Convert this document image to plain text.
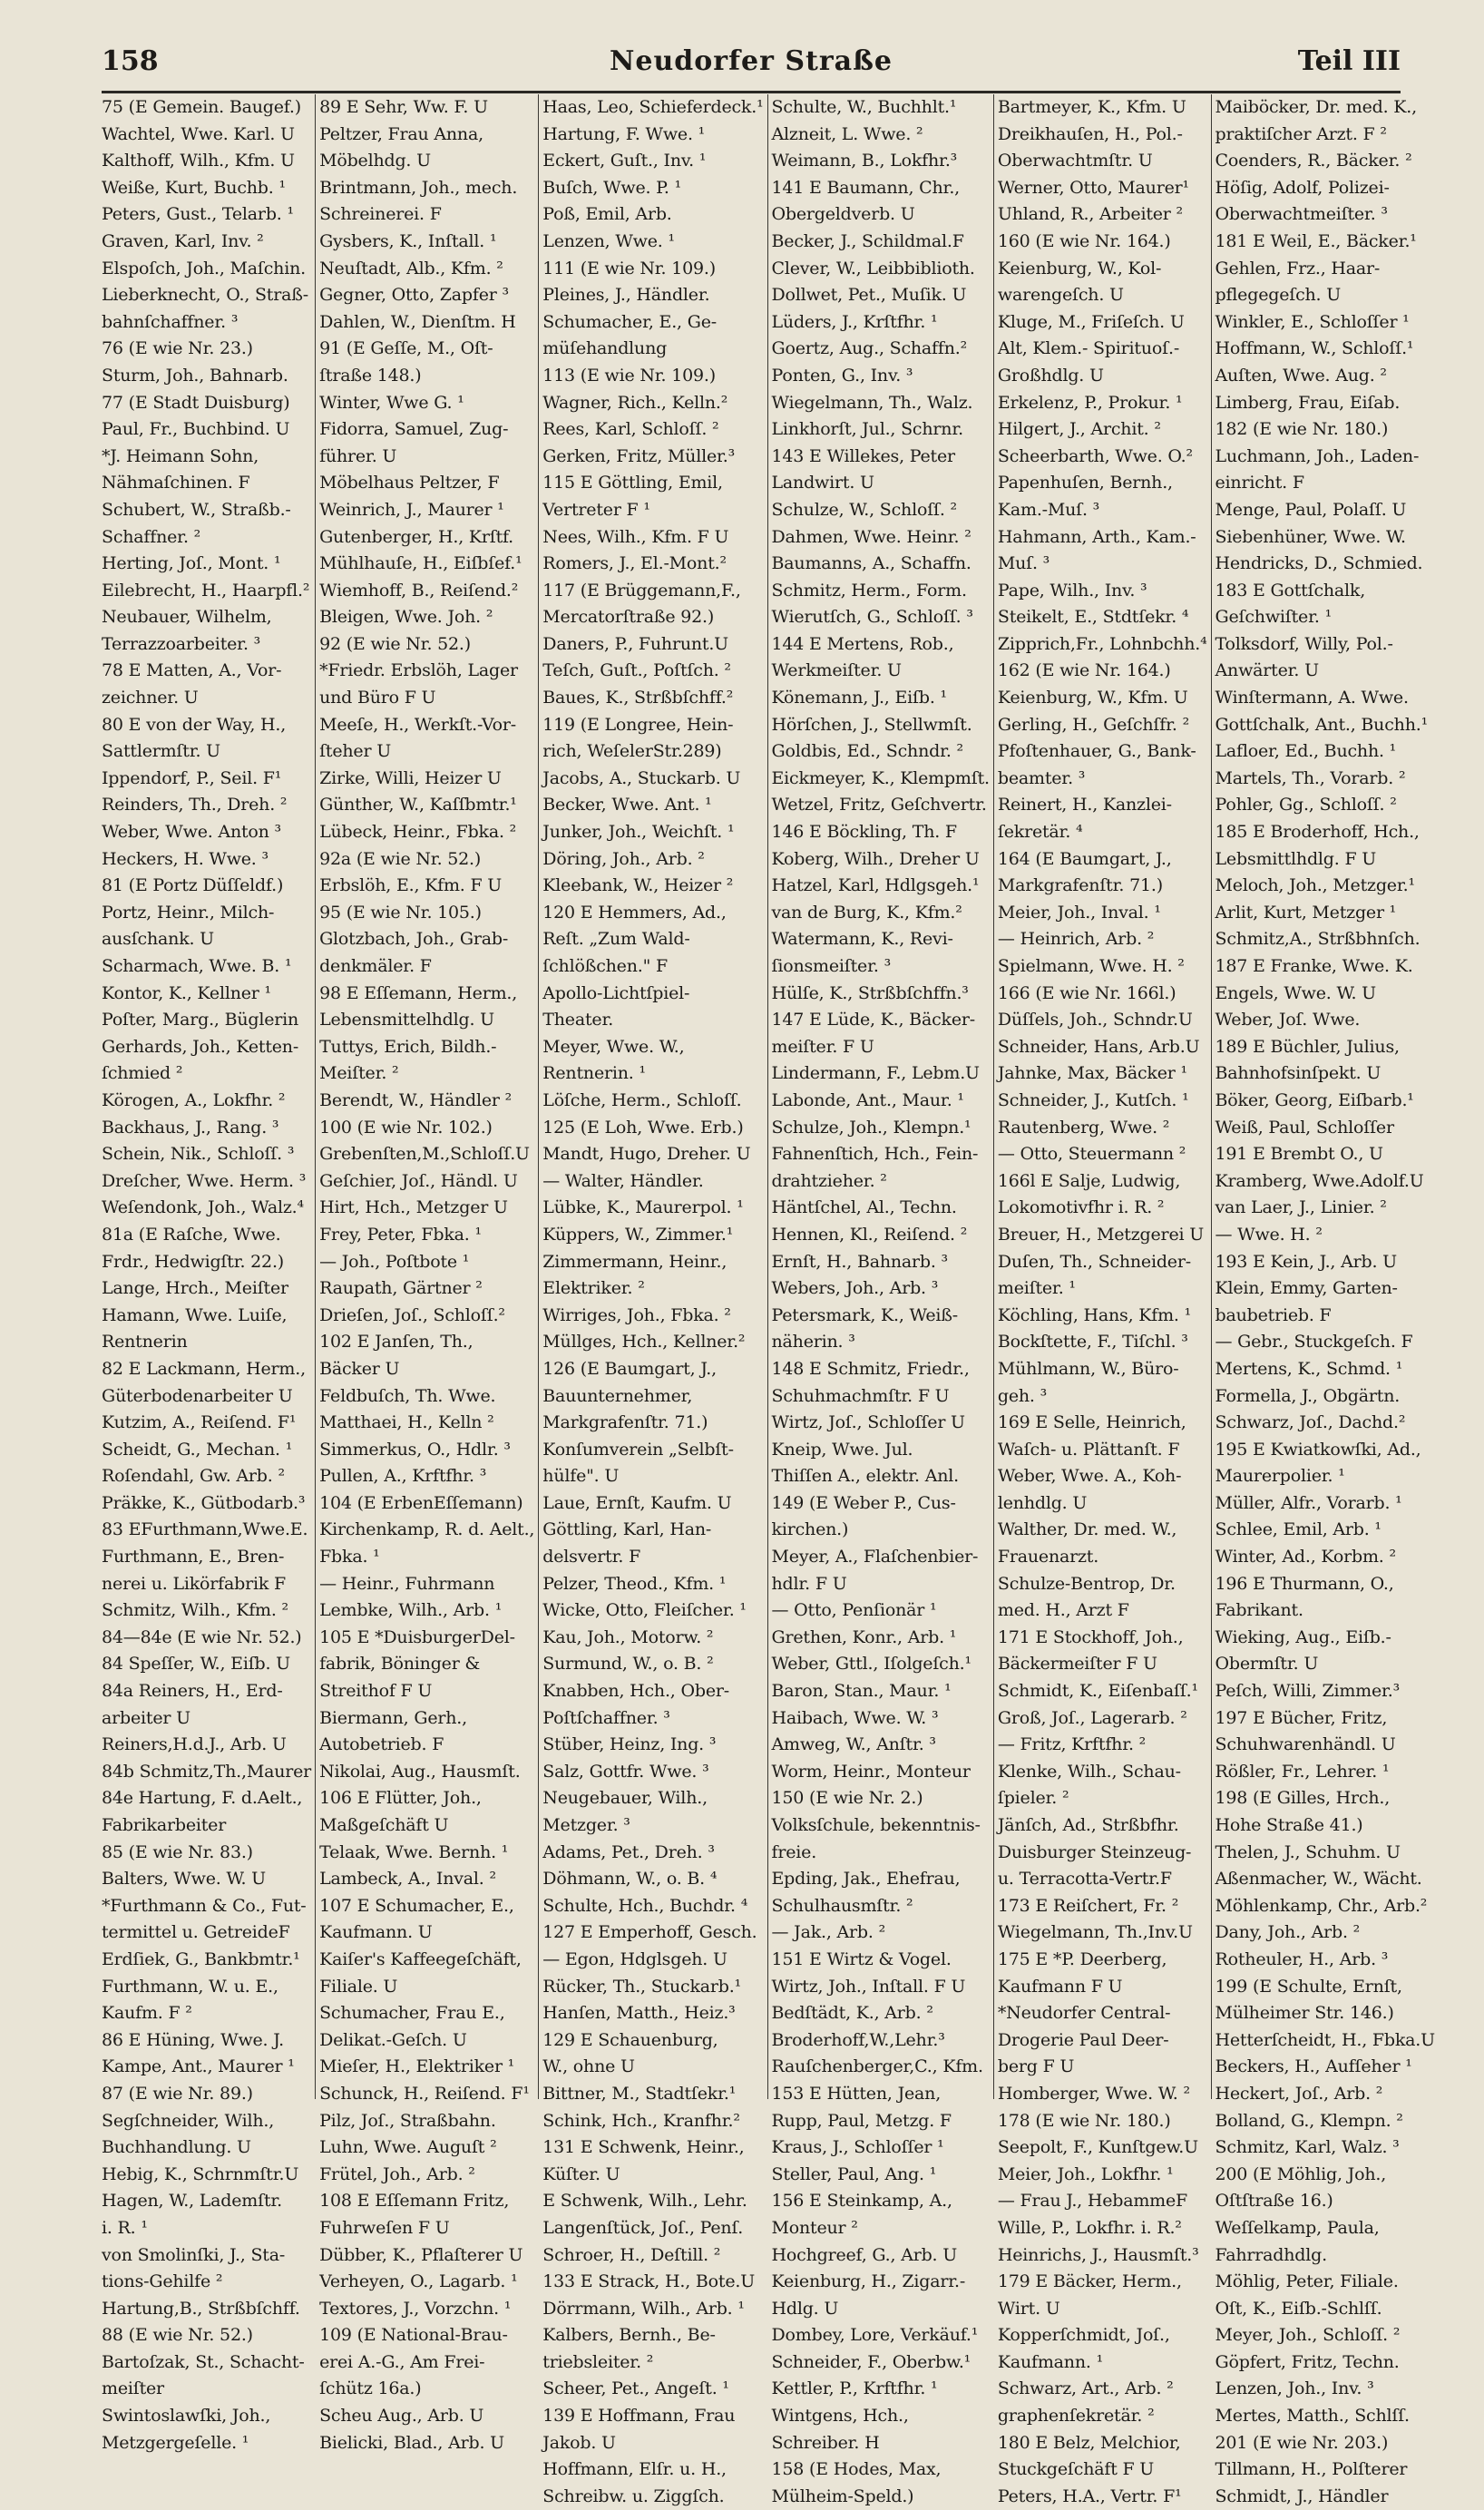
158	Neudorfer Straße	Teil III
75 (E Gemein. Baugef.)
Wachtel, Wwe. Karl. U
Kalthoff, Wilh., Kfm. U
Weiße, Kurt, Buchb. ¹
Peters, Gust., Telarb. ¹
Graven, Karl, Inv. ²
Elspoſch, Joh., Maſchin.
Lieberknecht, O., Straß-
bahnſchaffner. ³
76 (E wie Nr. 23.)
Sturm, Joh., Bahnarb.
77 (E Stadt Duisburg)
Paul, Fr., Buchbind. U
*J. Heimann Sohn,
Nähmaſchinen. F
Schubert, W., Straßb.-
Schaffner. ²
Herting, Joſ., Mont. ¹
Eilebrecht, H., Haarpfl.²
Neubauer, Wilhelm,
Terrazzoarbeiter. ³
78 E Matten, A., Vor-
zeichner. U
80 E von der Way, H.,
Sattlermſtr. U
Ippendorf, P., Seil. F¹
Reinders, Th., Dreh. ²
Weber, Wwe. Anton ³
Heckers, H. Wwe. ³
81 (E Portz Düſſeldf.)
Portz, Heinr., Milch-
ausſchank. U
Scharmach, Wwe. B. ¹
Kontor, K., Kellner ¹
Poſter, Marg., Büglerin
Gerhards, Joh., Ketten-
ſchmied ²
Körogen, A., Lokfhr. ²
Backhaus, J., Rang. ³
Schein, Nik., Schloſſ. ³
Dreſcher, Wwe. Herm. ³
Weſendonk, Joh., Walz.⁴
81a (E Raſche, Wwe.
Frdr., Hedwigſtr. 22.)
Lange, Hrch., Meiſter
Hamann, Wwe. Luiſe,
Rentnerin
82 E Lackmann, Herm.,
Güterbodenarbeiter U
Kutzim, A., Reiſend. F¹
Scheidt, G., Mechan. ¹
Roſendahl, Gw. Arb. ²
Präkke, K., Gütbodarb.³
83 EFurthmann,Wwe.E.
Furthmann, E., Bren-
nerei u. Likörfabrik F
Schmitz, Wilh., Kfm. ²
84—84e (E wie Nr. 52.)
84 Speſſer, W., Eiſb. U
84a Reiners, H., Erd-
arbeiter U
Reiners,H.d.J., Arb. U
84b Schmitz,Th.,Maurer
84e Hartung, F. d.Aelt.,
Fabrikarbeiter
85 (E wie Nr. 83.)
Balters, Wwe. W. U
*Furthmann & Co., Fut-
termittel u. GetreideF
Erdſiek, G., Bankbmtr.¹
Furthmann, W. u. E.,
Kaufm. F ²
86 E Hüning, Wwe. J.
Kampe, Ant., Maurer ¹
87 (E wie Nr. 89.)
Segſchneider, Wilh.,
Buchhandlung. U
Hebig, K., Schrnmſtr.U
Hagen, W., Lademſtr.
i. R. ¹
von Smolinſki, J., Sta-
tions-Gehilfe ²
Hartung,B., Strßbſchff.
88 (E wie Nr. 52.)
Bartoſzak, St., Schacht-
meiſter
Swintoslawſki, Joh.,
Metzgergeſelle. ¹
89 E Sehr, Ww. F. U
Peltzer, Frau Anna,
Möbelhdg. U
Brintmann, Joh., mech.
Schreinerei. F
Gysbers, K., Inſtall. ¹
Neuſtadt, Alb., Kfm. ²
Gegner, Otto, Zapfer ³
Dahlen, W., Dienſtm. H
91 (E Geſſe, M., Oſt-
ſtraße 148.)
Winter, Wwe G. ¹
Fidorra, Samuel, Zug-
führer. U
Möbelhaus Peltzer, F
Weinrich, J., Maurer ¹
Gutenberger, H., Krſtf.
Mühlhauſe, H., Eiſbſef.¹
Wiemhoff, B., Reiſend.²
Bleigen, Wwe. Joh. ²
92 (E wie Nr. 52.)
*Friedr. Erbslöh, Lager
und Büro F U
Meeſe, H., Werkſt.-Vor-
ſteher U
Zirke, Willi, Heizer U
Günther, W., Kaſſbmtr.¹
Lübeck, Heinr., Fbka. ²
92a (E wie Nr. 52.)
Erbslöh, E., Kfm. F U
95 (E wie Nr. 105.)
Glotzbach, Joh., Grab-
denkmäler. F
98 E Eſſemann, Herm.,
Lebensmittelhdlg. U
Tuttys, Erich, Bildh.-
Meiſter. ²
Berendt, W., Händler ²
100 (E wie Nr. 102.)
Grebenſten,M.,Schloſſ.U
Geſchier, Joſ., Händl. U
Hirt, Hch., Metzger U
Frey, Peter, Fbka. ¹
— Joh., Poſtbote ¹
Raupath, Gärtner ²
Drieſen, Joſ., Schloſſ.²
102 E Janſen, Th.,
Bäcker U
Feldbuſch, Th. Wwe.
Matthaei, H., Kelln ²
Simmerkus, O., Hdlr. ³
Pullen, A., Krftfhr. ³
104 (E ErbenEſſemann)
Kirchenkamp, R. d. Aelt.,
Fbka. ¹
— Heinr., Fuhrmann
Lembke, Wilh., Arb. ¹
105 E *DuisburgerDel-
fabrik, Böninger &
Streithof F U
Biermann, Gerh.,
Autobetrieb. F
Nikolai, Aug., Hausmſt.
106 E Flütter, Joh.,
Maßgeſchäft U
Telaak, Wwe. Bernh. ¹
Lambeck, A., Inval. ²
107 E Schumacher, E.,
Kaufmann. U
Kaiſer's Kaffeegeſchäft,
Filiale. U
Schumacher, Frau E.,
Delikat.-Geſch. U
Mieſer, H., Elektriker ¹
Schunck, H., Reiſend. F¹
Pilz, Joſ., Straßbahn.
Luhn, Wwe. Auguſt ²
Frütel, Joh., Arb. ²
108 E Eſſemann Fritz,
Fuhrweſen F U
Dübber, K., Pflaſterer U
Verheyen, O., Lagarb. ¹
Textores, J., Vorzchn. ¹
109 (E National-Brau-
erei A.-G., Am Frei-
ſchütz 16a.)
Scheu Aug., Arb. U
Bielicki, Blad., Arb. U
Haas, Leo, Schieferdeck.¹
Hartung, F. Wwe. ¹
Eckert, Guſt., Inv. ¹
Buſch, Wwe. P. ¹
Poß, Emil, Arb.
Lenzen, Wwe. ¹
111 (E wie Nr. 109.)
Pleines, J., Händler.
Schumacher, E., Ge-
müſehandlung
113 (E wie Nr. 109.)
Wagner, Rich., Kelln.²
Rees, Karl, Schloſſ. ²
Gerken, Fritz, Müller.³
115 E Göttling, Emil,
Vertreter F ¹
Nees, Wilh., Kfm. F U
Romers, J., El.-Mont.²
117 (E Brüggemann,F.,
Mercatorſtraße 92.)
Daners, P., Fuhrunt.U
Teſch, Guſt., Poſtſch. ²
Baues, K., Strßbſchff.²
119 (E Longree, Hein-
rich, WeſelerStr.289)
Jacobs, A., Stuckarb. U
Becker, Wwe. Ant. ¹
Junker, Joh., Weichſt. ¹
Döring, Joh., Arb. ²
Kleebank, W., Heizer ²
120 E Hemmers, Ad.,
Reſt. „Zum Wald-
ſchlößchen." F
Apollo-Lichtſpiel-
Theater.
Meyer, Wwe. W.,
Rentnerin. ¹
Löſche, Herm., Schloſſ.
125 (E Loh, Wwe. Erb.)
Mandt, Hugo, Dreher. U
— Walter, Händler.
Lübke, K., Maurerpol. ¹
Küppers, W., Zimmer.¹
Zimmermann, Heinr.,
Elektriker. ²
Wirriges, Joh., Fbka. ²
Müllges, Hch., Kellner.²
126 (E Baumgart, J.,
Bauunternehmer,
Markgrafenſtr. 71.)
Konſumverein „Selbſt-
hülfe". U
Laue, Ernſt, Kaufm. U
Göttling, Karl, Han-
delsvertr. F
Pelzer, Theod., Kfm. ¹
Wicke, Otto, Fleiſcher. ¹
Kau, Joh., Motorw. ²
Surmund, W., o. B. ²
Knabben, Hch., Ober-
Poſtſchaffner. ³
Stüber, Heinz, Ing. ³
Salz, Gottfr. Wwe. ³
Neugebauer, Wilh.,
Metzger. ³
Adams, Pet., Dreh. ³
Döhmann, W., o. B. ⁴
Schulte, Hch., Buchdr. ⁴
127 E Emperhoff, Gesch.
— Egon, Hdglsgeh. U
Rücker, Th., Stuckarb.¹
Hanſen, Matth., Heiz.³
129 E Schauenburg,
W., ohne U
Bittner, M., Stadtſekr.¹
Schink, Hch., Kranfhr.²
131 E Schwenk, Heinr.,
Küſter. U
E Schwenk, Wilh., Lehr.
Langenſtück, Joſ., Penſ.
Schroer, H., Deſtill. ²
133 E Strack, H., Bote.U
Dörrmann, Wilh., Arb. ¹
Kalbers, Bernh., Be-
triebsleiter. ²
Scheer, Pet., Angeſt. ¹
139 E Hoffmann, Frau
Jakob. U
Hoffmann, Elſr. u. H.,
Schreibw. u. Ziggſch.
Schulte, W., Buchhlt.¹
Alzneit, L. Wwe. ²
Weimann, B., Lokfhr.³
141 E Baumann, Chr.,
Obergeldverb. U
Becker, J., Schildmal.F
Clever, W., Leibbiblioth.
Dollwet, Pet., Muſik. U
Lüders, J., Krſtfhr. ¹
Goertz, Aug., Schaffn.²
Ponten, G., Inv. ³
Wiegelmann, Th., Walz.
Linkhorſt, Jul., Schrnr.
143 E Willekes, Peter
Landwirt. U
Schulze, W., Schloſſ. ²
Dahmen, Wwe. Heinr. ²
Baumanns, A., Schaffn.
Schmitz, Herm., Form.
Wierutſch, G., Schloſſ. ³
144 E Mertens, Rob.,
Werkmeiſter. U
Könemann, J., Eiſb. ¹
Hörſchen, J., Stellwmſt.
Goldbis, Ed., Schndr. ²
Eickmeyer, K., Klempmſt.
Wetzel, Fritz, Geſchvertr.
146 E Böckling, Th. F
Koberg, Wilh., Dreher U
Hatzel, Karl, Hdlgsgeh.¹
van de Burg, K., Kfm.²
Watermann, K., Revi-
ſionsmeiſter. ³
Hülſe, K., Strßbſchffn.³
147 E Lüde, K., Bäcker-
meiſter. F U
Lindermann, F., Lebm.U
Labonde, Ant., Maur. ¹
Schulze, Joh., Klempn.¹
Fahnenſtich, Hch., Fein-
drahtzieher. ²
Häntſchel, Al., Techn.
Hennen, Kl., Reiſend. ²
Ernſt, H., Bahnarb. ³
Webers, Joh., Arb. ³
Petersmark, K., Weiß-
näherin. ³
148 E Schmitz, Friedr.,
Schuhmachmſtr. F U
Wirtz, Joſ., Schloſſer U
Kneip, Wwe. Jul.
Thiſſen A., elektr. Anl.
149 (E Weber P., Cus-
kirchen.)
Meyer, A., Flaſchenbier-
hdlr. F U
— Otto, Penſionär ¹
Grethen, Konr., Arb. ¹
Weber, Gttl., Iſolgeſch.¹
Baron, Stan., Maur. ¹
Haibach, Wwe. W. ³
Amweg, W., Anſtr. ³
Worm, Heinr., Monteur
150 (E wie Nr. 2.)
Volksſchule, bekenntnis-
freie.
Epding, Jak., Ehefrau,
Schulhausmſtr. ²
— Jak., Arb. ²
151 E Wirtz & Vogel.
Wirtz, Joh., Inſtall. F U
Bedſtädt, K., Arb. ²
Broderhoff,W.,Lehr.³
Rauſchenberger,C., Kfm.
153 E Hütten, Jean,
Rupp, Paul, Metzg. F
Kraus, J., Schloſſer ¹
Steller, Paul, Ang. ¹
156 E Steinkamp, A.,
Monteur ²
Hochgreef, G., Arb. U
Keienburg, H., Zigarr.-
Hdlg. U
Dombey, Lore, Verkäuf.¹
Schneider, F., Oberbw.¹
Kettler, P., Krftfhr. ¹
Wintgens, Hch.,
Schreiber. H
158 (E Hodes, Max,
Mülheim-Speld.)
Bartmeyer, K., Kfm. U
Dreikhauſen, H., Pol.-
Oberwachtmſtr. U
Werner, Otto, Maurer¹
Uhland, R., Arbeiter ²
160 (E wie Nr. 164.)
Keienburg, W., Kol-
warengeſch. U
Kluge, M., Friſeſch. U
Alt, Klem.- Spirituoſ.-
Großhdlg. U
Erkelenz, P., Prokur. ¹
Hilgert, J., Archit. ²
Scheerbarth, Wwe. O.²
Papenhuſen, Bernh.,
Kam.-Muſ. ³
Hahmann, Arth., Kam.-
Muſ. ³
Pape, Wilh., Inv. ³
Steikelt, E., Stdtſekr. ⁴
Zipprich,Fr., Lohnbchh.⁴
162 (E wie Nr. 164.)
Keienburg, W., Kfm. U
Gerling, H., Geſchſfr. ²
Pfoſtenhauer, G., Bank-
beamter. ³
Reinert, H., Kanzlei-
ſekretär. ⁴
164 (E Baumgart, J.,
Markgrafenſtr. 71.)
Meier, Joh., Inval. ¹
— Heinrich, Arb. ²
Spielmann, Wwe. H. ²
166 (E wie Nr. 166l.)
Düſſels, Joh., Schndr.U
Schneider, Hans, Arb.U
Jahnke, Max, Bäcker ¹
Schneider, J., Kutſch. ¹
Rautenberg, Wwe. ²
— Otto, Steuermann ²
166l E Salje, Ludwig,
Lokomotivfhr i. R. ²
Breuer, H., Metzgerei U
Duſen, Th., Schneider-
meiſter. ¹
Köchling, Hans, Kfm. ¹
Bockſtette, F., Tiſchl. ³
Mühlmann, W., Büro-
geh. ³
169 E Selle, Heinrich,
Waſch- u. Plättanſt. F
Weber, Wwe. A., Koh-
lenhdlg. U
Walther, Dr. med. W.,
Frauenarzt.
Schulze-Bentrop, Dr.
med. H., Arzt F
171 E Stockhoff, Joh.,
Bäckermeiſter F U
Schmidt, K., Eiſenbaſſ.¹
Groß, Joſ., Lagerarb. ²
— Fritz, Krftfhr. ²
Klenke, Wilh., Schau-
ſpieler. ²
Jänſch, Ad., Strßbfhr.
Duisburger Steinzeug-
u. Terracotta-Vertr.F
173 E Reiſchert, Fr. ²
Wiegelmann, Th.,Inv.U
175 E *P. Deerberg,
Kaufmann F U
*Neudorfer Central-
Drogerie Paul Deer-
berg F U
Homberger, Wwe. W. ²
178 (E wie Nr. 180.)
Seepolt, F., Kunſtgew.U
Meier, Joh., Lokfhr. ¹
— Frau J., HebammeF
Wille, P., Lokfhr. i. R.²
Heinrichs, J., Hausmſt.³
179 E Bäcker, Herm.,
Wirt. U
Kopperſchmidt, Joſ.,
Kaufmann. ¹
Schwarz, Art., Arb. ²
graphenſekretär. ²
180 E Belz, Melchior,
Stuckgeſchäft F U
Peters, H.A., Vertr. F¹
Maiböcker, Dr. med. K.,
praktiſcher Arzt. F ²
Coenders, R., Bäcker. ²
Höſig, Adolf, Polizei-
Oberwachtmeiſter. ³
181 E Weil, E., Bäcker.¹
Gehlen, Frz., Haar-
pflegegeſch. U
Winkler, E., Schloſſer ¹
Hoffmann, W., Schloſſ.¹
Auſten, Wwe. Aug. ²
Limberg, Frau, Eiſab.
182 (E wie Nr. 180.)
Luchmann, Joh., Laden-
einricht. F
Menge, Paul, Polaſſ. U
Siebenhüner, Wwe. W.
Hendricks, D., Schmied.
183 E Gottſchalk,
Geſchwiſter. ¹
Tolksdorf, Willy, Pol.-
Anwärter. U
Winſtermann, A. Wwe.
Gottſchalk, Ant., Buchh.¹
Lafloer, Ed., Buchh. ¹
Martels, Th., Vorarb. ²
Pohler, Gg., Schloſſ. ²
185 E Broderhoff, Hch.,
Lebsmittlhdlg. F U
Meloch, Joh., Metzger.¹
Arlit, Kurt, Metzger ¹
Schmitz,A., Strßbhnſch.
187 E Franke, Wwe. K.
Engels, Wwe. W. U
Weber, Joſ. Wwe.
189 E Büchler, Julius,
Bahnhofsinſpekt. U
Böker, Georg, Eiſbarb.¹
Weiß, Paul, Schloſſer
191 E Brembt O., U
Kramberg, Wwe.Adolf.U
van Laer, J., Linier. ²
— Wwe. H. ²
193 E Kein, J., Arb. U
Klein, Emmy, Garten-
baubetrieb. F
— Gebr., Stuckgeſch. F
Mertens, K., Schmd. ¹
Formella, J., Obgärtn.
Schwarz, Joſ., Dachd.²
195 E Kwiatkowſki, Ad.,
Maurerpolier. ¹
Müller, Alfr., Vorarb. ¹
Schlee, Emil, Arb. ¹
Winter, Ad., Korbm. ²
196 E Thurmann, O.,
Fabrikant.
Wieking, Aug., Eiſb.-
Obermſtr. U
Peſch, Willi, Zimmer.³
197 E Bücher, Fritz,
Schuhwarenhändl. U
Rößler, Fr., Lehrer. ¹
198 (E Gilles, Hrch.,
Hohe Straße 41.)
Thelen, J., Schuhm. U
Aßenmacher, W., Wächt.
Möhlenkamp, Chr., Arb.²
Dany, Joh., Arb. ²
Rotheuler, H., Arb. ³
199 (E Schulte, Ernſt,
Mülheimer Str. 146.)
Hetterſcheidt, H., Fbka.U
Beckers, H., Aufſeher ¹
Heckert, Joſ., Arb. ²
Bolland, G., Klempn. ²
Schmitz, Karl, Walz. ³
200 (E Möhlig, Joh.,
Oſtſtraße 16.)
Weſſelkamp, Paula,
Fahrradhdlg.
Möhlig, Peter, Filiale.
Oſt, K., Eiſb.-Schlſſ.
Meyer, Joh., Schloſſ. ²
Göpfert, Fritz, Techn.
Lenzen, Joh., Inv. ³
Mertes, Matth., Schlſſ.
201 (E wie Nr. 203.)
Tillmann, H., Polſterer
Schmidt, J., Händler
